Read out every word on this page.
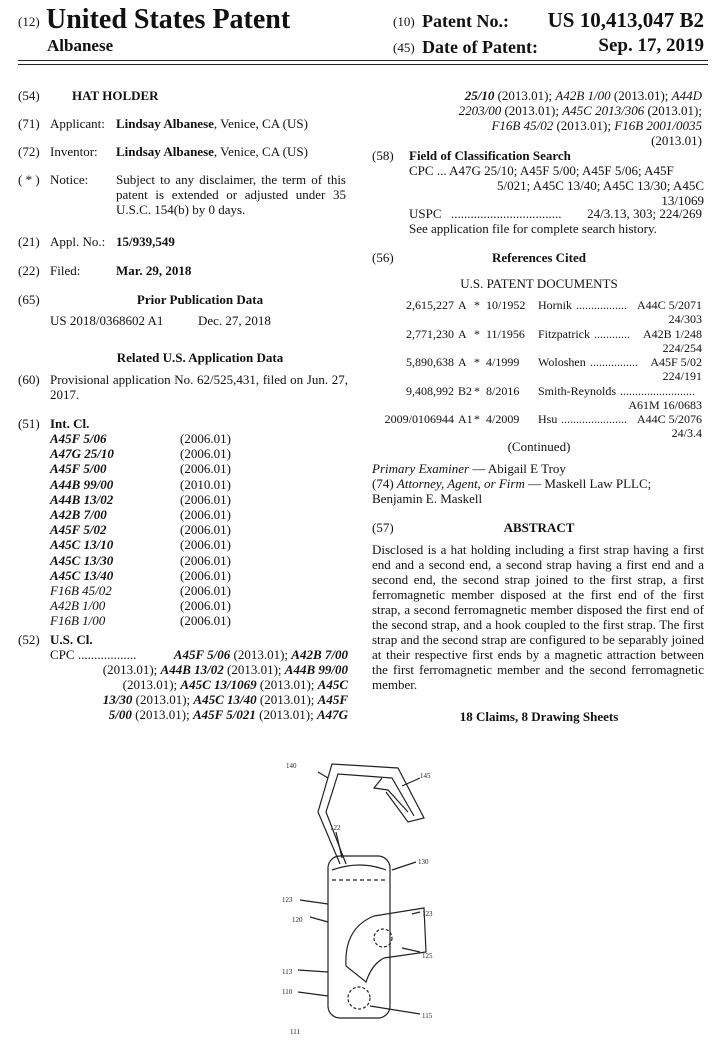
(12) United States Patent
Albanese
(10) Patent No.: US 10,413,047 B2
(45) Date of Patent:	Sep. 17, 2019
(54) HAT HOLDER
(71) Applicant: Lindsay Albanese, Venice, CA (US)
(72) Inventor: Lindsay Albanese, Venice, CA (US)
( * ) Notice: Subject to any disclaimer, the term of this patent is extended or adjusted under 35 U.S.C. 154(b) by 0 days.
(21) Appl. No.: 15/939,549
(22) Filed:	Mar. 29, 2018
(65)	Prior Publication Data
US 2018/0368602 A1	Dec. 27, 2018
Related U.S. Application Data
(60) Provisional application No. 62/525,431, filed on Jun. 27, 2017.
(51) Int. Cl.
A45F 5/06	(2006.01)
A47G 25/10	(2006.01)
A45F 5/00	(2006.01)
A44B 99/00	(2010.01)
A44B 13/02	(2006.01)
A42B 7/00	(2006.01)
A45F 5/02	(2006.01)
A45C 13/10	(2006.01)
A45C 13/30	(2006.01)
A45C 13/40	(2006.01)
F16B 45/02	(2006.01)
A42B 1/00	(2006.01)
F16B 1/00	(2006.01)
(52) U.S. Cl.
CPC ..................	A45F 5/06 (2013.01); A42B 7/00
(2013.01); A44B 13/02 (2013.01); A44B 99/00
(2013.01); A45C 13/1069 (2013.01); A45C
13/30 (2013.01); A45C 13/40 (2013.01); A45F
5/00 (2013.01); A45F 5/021 (2013.01); A47G
25/10 (2013.01); A42B 1/00 (2013.01); A44D
2203/00 (2013.01); A45C 2013/306 (2013.01);
F16B 45/02 (2013.01); F16B 2001/0035
(2013.01)
(58) Field of Classification Search
CPC ... A47G 25/10; A45F 5/00; A45F 5/06; A45F
5/021; A45C 13/40; A45C 13/30; A45C
13/1069
USPC .................................. 24/3.13, 303; 224/269
See application file for complete search history.
(56)	References Cited
U.S. PATENT DOCUMENTS
2,615,227 A * 10/1952 Hornik	A44C 5/2071
24/303
.................
2,771,230 A * 11/1956 Fitzpatrick	A42B 1/248
224/254
............
5,890,638 A * 4/1999 Woloshen	A45F 5/02
224/191
................
9,408,992 B2 * 8/2016 Smith-Reynolds
A61M 16/0683
.........................
2009/0106944 A1 * 4/2009 Hsu	A44C 5/2076
24/3.4
......................
(Continued)
Primary Examiner — Abigail E Troy
(74) Attorney, Agent, or Firm — Maskell Law PLLC;
Benjamin E. Maskell
(57)	ABSTRACT
Disclosed is a hat holding including a first strap having a first end and a second end, a second strap having a first end and a second end, the second strap joined to the first strap, a first ferromagnetic member disposed at the first end of the first strap, a second ferromagnetic member disposed the first end of the second strap, and a hook coupled to the first strap. The first strap and the second strap are configured to be separably joined at their respective first ends by a magnetic attraction between the first ferromagnetic member and the second ferromagnetic member.
18 Claims, 8 Drawing Sheets
140
145
122
130
123
120
123
125
113
110
115
111
